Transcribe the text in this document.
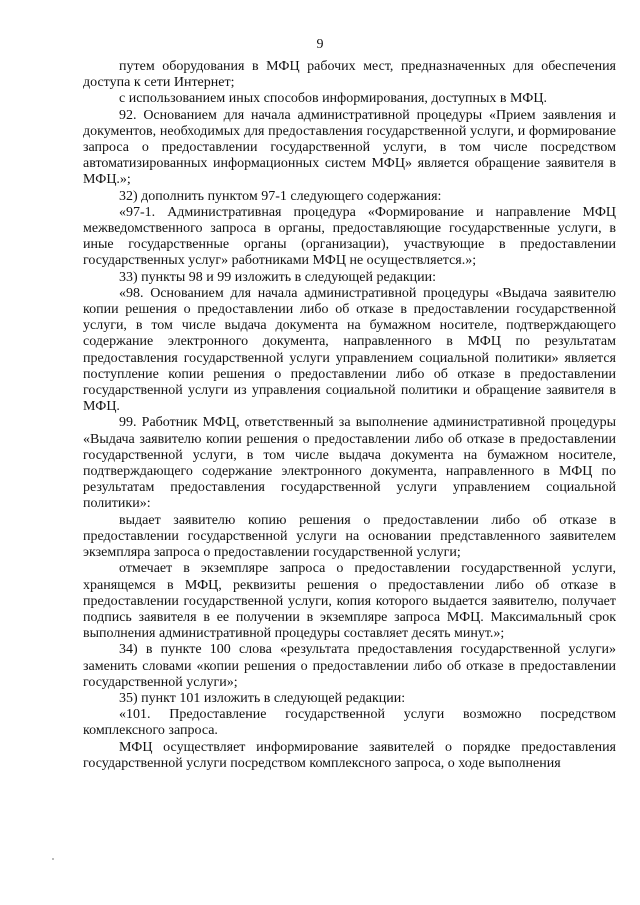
9

путем оборудования в МФЦ рабочих мест, предназначенных для обеспечения доступа к сети Интернет;

с использованием иных способов информирования, доступных в МФЦ.

92. Основанием для начала административной процедуры «Прием заявления и документов, необходимых для предоставления государственной услуги, и формирование запроса о предоставлении государственной услуги, в том числе посредством автоматизированных информационных систем МФЦ» является обращение заявителя в МФЦ.»;

32) дополнить пунктом 97-1 следующего содержания:

«97-1. Административная процедура «Формирование и направление МФЦ межведомственного запроса в органы, предоставляющие государственные услуги, в иные государственные органы (организации), участвующие в предоставлении государственных услуг» работниками МФЦ не осуществляется.»;

33) пункты 98 и 99 изложить в следующей редакции:

«98. Основанием для начала административной процедуры «Выдача заявителю копии решения о предоставлении либо об отказе в предоставлении государственной услуги, в том числе выдача документа на бумажном носителе, подтверждающего содержание электронного документа, направленного в МФЦ по результатам предоставления государственной услуги управлением социальной политики» является поступление копии решения о предоставлении либо об отказе в предоставлении государственной услуги из управления социальной политики и обращение заявителя в МФЦ.

99. Работник МФЦ, ответственный за выполнение административной процедуры «Выдача заявителю копии решения о предоставлении либо об отказе в предоставлении государственной услуги, в том числе выдача документа на бумажном носителе, подтверждающего содержание электронного документа, направленного в МФЦ по результатам предоставления государственной услуги управлением социальной политики»:

выдает заявителю копию решения о предоставлении либо об отказе в предоставлении государственной услуги на основании представленного заявителем экземпляра запроса о предоставлении государственной услуги;

отмечает в экземпляре запроса о предоставлении государственной услуги, хранящемся в МФЦ, реквизиты решения о предоставлении либо об отказе в предоставлении государственной услуги, копия которого выдается заявителю, получает подпись заявителя в ее получении в экземпляре запроса МФЦ. Максимальный срок выполнения административной процедуры составляет десять минут.»;

34) в пункте 100 слова «результата предоставления государственной услуги» заменить словами «копии решения о предоставлении либо об отказе в предоставлении государственной услуги»;

35) пункт 101 изложить в следующей редакции:

«101. Предоставление государственной услуги возможно посредством комплексного запроса.

МФЦ осуществляет информирование заявителей о порядке предоставления государственной услуги посредством комплексного запроса, о ходе выполнения
